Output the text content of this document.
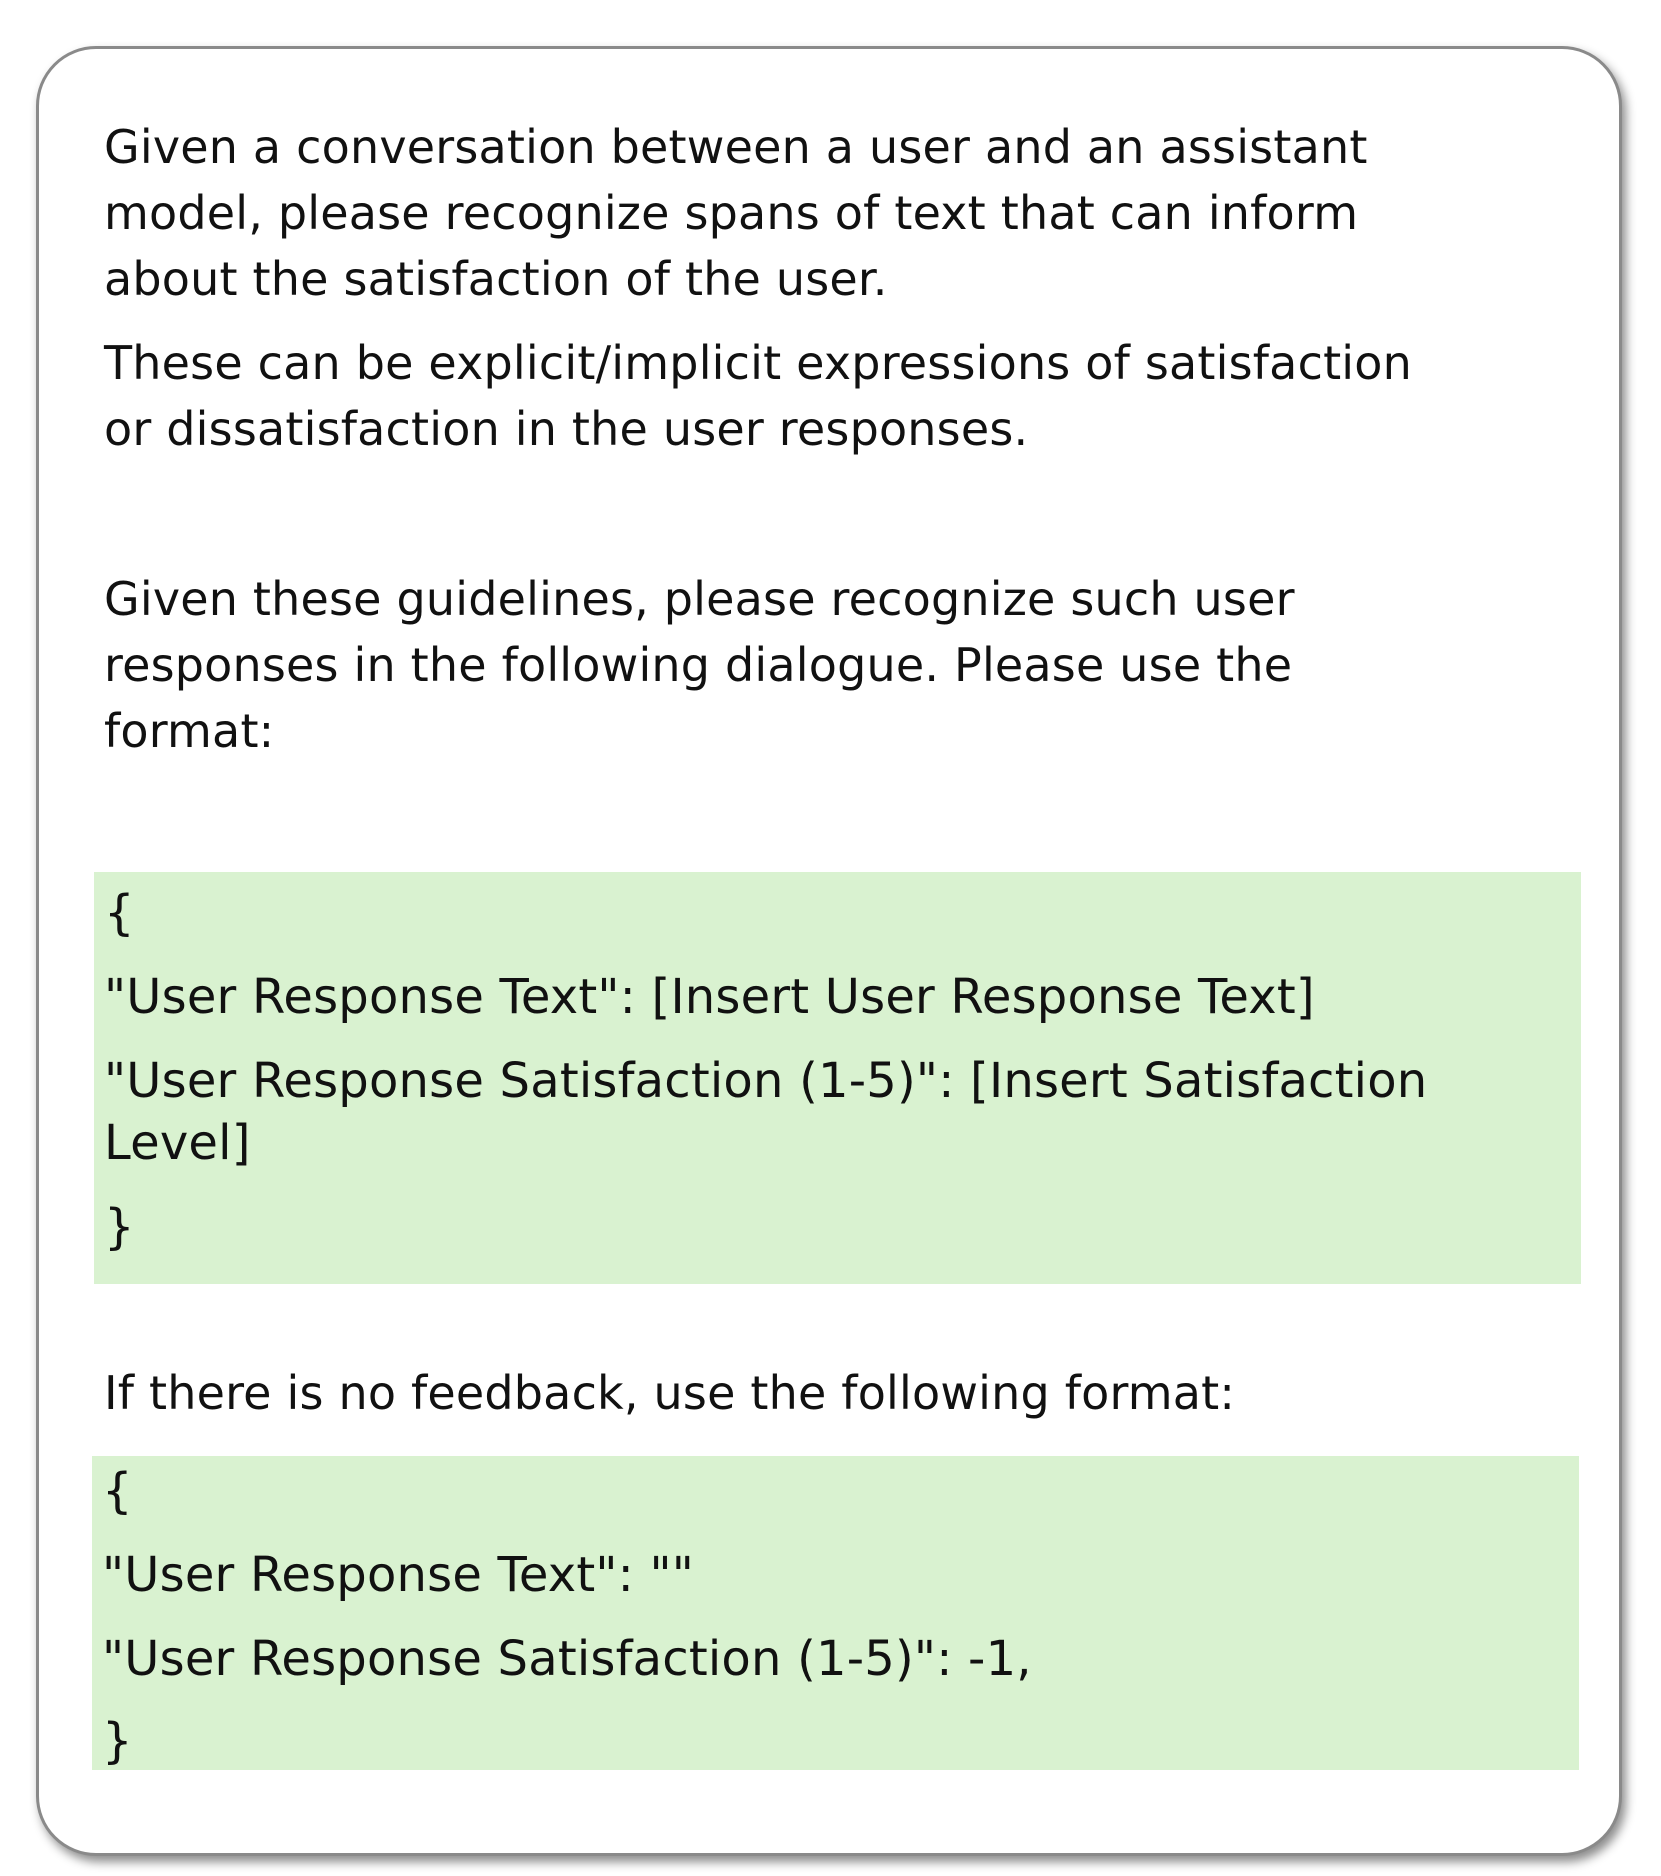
Given a conversation between a user and an assistant
model, please recognize spans of text that can inform
about the satisfaction of the user.

These can be explicit/implicit expressions of satisfaction
or dissatisfaction in the user responses.

Given these guidelines, please recognize such user
responses in the following dialogue. Please use the
format:

{

"User Response Text": [Insert User Response Text]

"User Response Satisfaction (1-5)": [Insert Satisfaction

Level]

}

If there is no feedback, use the following format:

{

"User Response Text": ""

"User Response Satisfaction (1-5)": -1,

}
